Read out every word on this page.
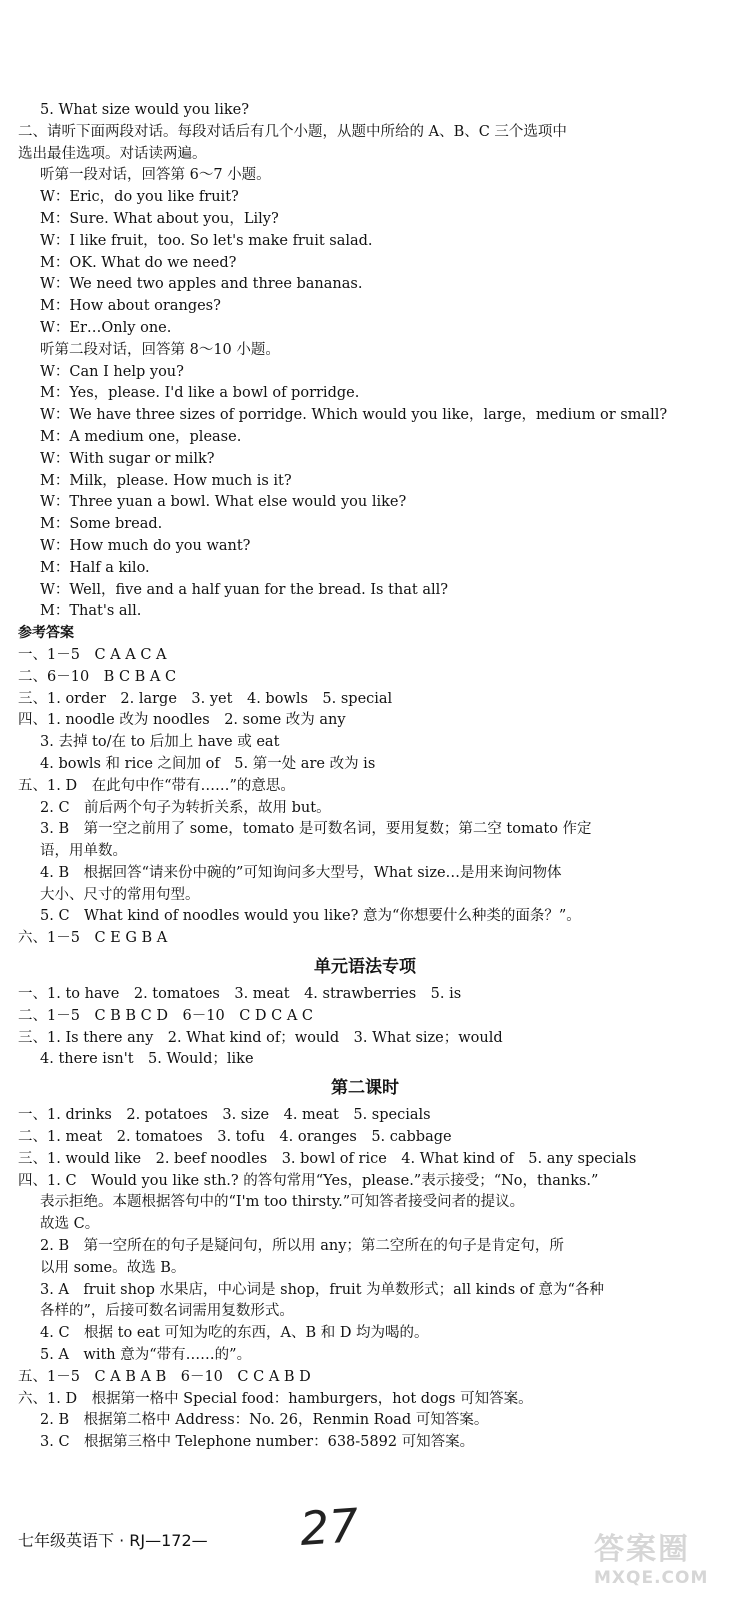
5. What size would you like?
二、请听下面两段对话。每段对话后有几个小题，从题中所给的 A、B、C 三个选项中
选出最佳选项。对话读两遍。
听第一段对话，回答第 6～7 小题。
W：Eric，do you like fruit?
M：Sure. What about you，Lily?
W：I like fruit，too. So let's make fruit salad.
M：OK. What do we need?
W：We need two apples and three bananas.
M：How about oranges?
W：Er…Only one.
听第二段对话，回答第 8～10 小题。
W：Can I help you?
M：Yes，please. I'd like a bowl of porridge.
W：We have three sizes of porridge. Which would you like，large，medium or small?
M：A medium one，please.
W：With sugar or milk?
M：Milk，please. How much is it?
W：Three yuan a bowl. What else would you like?
M：Some bread.
W：How much do you want?
M：Half a kilo.
W：Well，five and a half yuan for the bread. Is that all?
M：That's all.
参考答案
一、1－5　C A A C A
二、6－10　B C B A C
三、1. order　2. large　3. yet　4. bowls　5. special
四、1. noodle 改为 noodles　2. some 改为 any
3. 去掉 to/在 to 后加上 have 或 eat
4. bowls 和 rice 之间加 of　5. 第一处 are 改为 is
五、1. D　在此句中作“带有……”的意思。
2. C　前后两个句子为转折关系，故用 but。
3. B　第一空之前用了 some，tomato 是可数名词，要用复数；第二空 tomato 作定
语，用单数。
4. B　根据回答“请来份中碗的”可知询问多大型号，What size…是用来询问物体
大小、尺寸的常用句型。
5. C　What kind of noodles would you like? 意为“你想要什么种类的面条？”。
六、1－5　C E G B A
单元语法专项
一、1. to have　2. tomatoes　3. meat　4. strawberries　5. is
二、1－5　C B B C D　6－10　C D C A C
三、1. Is there any　2. What kind of；would　3. What size；would
4. there isn't　5. Would；like
第二课时
一、1. drinks　2. potatoes　3. size　4. meat　5. specials
二、1. meat　2. tomatoes　3. tofu　4. oranges　5. cabbage
三、1. would like　2. beef noodles　3. bowl of rice　4. What kind of　5. any specials
四、1. C　Would you like sth.? 的答句常用“Yes，please.”表示接受；“No，thanks.”
表示拒绝。本题根据答句中的“I'm too thirsty.”可知答者接受问者的提议。
故选 C。
2. B　第一空所在的句子是疑问句，所以用 any；第二空所在的句子是肯定句，所
以用 some。故选 B。
3. A　fruit shop 水果店，中心词是 shop，fruit 为单数形式；all kinds of 意为“各种
各样的”，后接可数名词需用复数形式。
4. C　根据 to eat 可知为吃的东西，A、B 和 D 均为喝的。
5. A　with 意为“带有……的”。
五、1－5　C A B A B　6－10　C C A B D
六、1. D　根据第一格中 Special food：hamburgers，hot dogs 可知答案。
2. B　根据第二格中 Address：No. 26，Renmin Road 可知答案。
3. C　根据第三格中 Telephone number：638-5892 可知答案。
七年级英语下 · RJ—172— 27	答案圈
MXQE.COM
